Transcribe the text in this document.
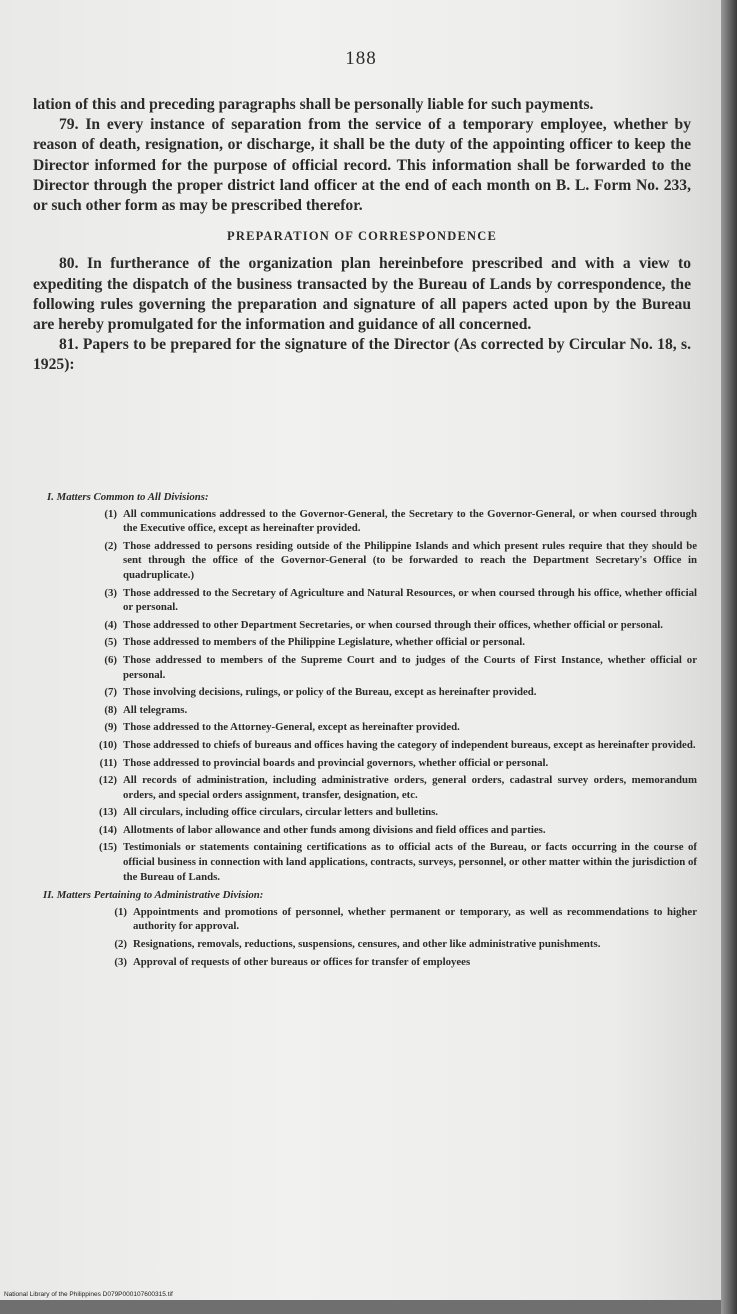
188

lation of this and preceding paragraphs shall be personally liable for such payments.

79. In every instance of separation from the service of a temporary employee, whether by reason of death, resignation, or discharge, it shall be the duty of the appointing officer to keep the Director informed for the purpose of official record. This information shall be forwarded to the Director through the proper district land officer at the end of each month on B. L. Form No. 233, or such other form as may be prescribed therefor.

PREPARATION OF CORRESPONDENCE

80. In furtherance of the organization plan hereinbefore prescribed and with a view to expediting the dispatch of the business transacted by the Bureau of Lands by correspondence, the following rules governing the preparation and signature of all papers acted upon by the Bureau are hereby promulgated for the information and guidance of all concerned.

81. Papers to be prepared for the signature of the Director (As corrected by Circular No. 18, s. 1925):

I. Matters Common to All Divisions:
(1) All communications addressed to the Governor-General, the Secretary to the Governor-General, or when coursed through the Executive office, except as hereinafter provided.
(2) Those addressed to persons residing outside of the Philippine Islands and which present rules require that they should be sent through the office of the Governor-General (to be forwarded to reach the Department Secretary's Office in quadruplicate.)
(3) Those addressed to the Secretary of Agriculture and Natural Resources, or when coursed through his office, whether official or personal.
(4) Those addressed to other Department Secretaries, or when coursed through their offices, whether official or personal.
(5) Those addressed to members of the Philippine Legislature, whether official or personal.
(6) Those addressed to members of the Supreme Court and to judges of the Courts of First Instance, whether official or personal.
(7) Those involving decisions, rulings, or policy of the Bureau, except as hereinafter provided.
(8) All telegrams.
(9) Those addressed to the Attorney-General, except as hereinafter provided.
(10) Those addressed to chiefs of bureaus and offices having the category of independent bureaus, except as hereinafter provided.
(11) Those addressed to provincial boards and provincial governors, whether official or personal.
(12) All records of administration, including administrative orders, general orders, cadastral survey orders, memorandum orders, and special orders assignment, transfer, designation, etc.
(13) All circulars, including office circulars, circular letters and bulletins.
(14) Allotments of labor allowance and other funds among divisions and field offices and parties.
(15) Testimonials or statements containing certifications as to official acts of the Bureau, or facts occurring in the course of official business in connection with land applications, contracts, surveys, personnel, or other matter within the jurisdiction of the Bureau of Lands.
II. Matters Pertaining to Administrative Division:
(1) Appointments and promotions of personnel, whether permanent or temporary, as well as recommendations to higher authority for approval.
(2) Resignations, removals, reductions, suspensions, censures, and other like administrative punishments.
(3) Approval of requests of other bureaus or offices for transfer of employees
National Library of the Philippines D079P000107600315.tif
